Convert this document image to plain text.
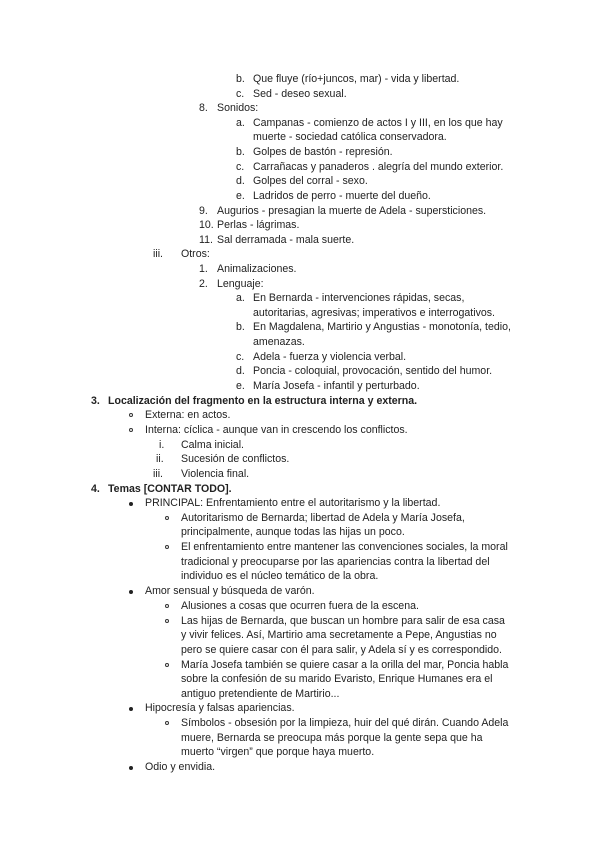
b. Que fluye (río+juncos, mar) - vida y libertad.
c. Sed - deseo sexual.
8. Sonidos:
a. Campanas - comienzo de actos I y III, en los que hay
muerte - sociedad católica conservadora.
b. Golpes de bastón - represión.
c. Carrañacas y panaderos . alegría del mundo exterior.
d. Golpes del corral - sexo.
e. Ladridos de perro - muerte del dueño.
9. Augurios - presagian la muerte de Adela - supersticiones.
10. Perlas - lágrimas.
11. Sal derramada - mala suerte.
iii. Otros:
1. Animalizaciones.
2. Lenguaje:
a. En Bernarda - intervenciones rápidas, secas,
autoritarias, agresivas; imperativos e interrogativos.
b. En Magdalena, Martirio y Angustias - monotonía, tedio,
amenazas.
c. Adela - fuerza y violencia verbal.
d. Poncia - coloquial, provocación, sentido del humor.
e. María Josefa - infantil y perturbado.
3. Localización del fragmento en la estructura interna y externa.
Externa: en actos.
Interna: cíclica - aunque van in crescendo los conflictos.
i. Calma inicial.
ii. Sucesión de conflictos.
iii. Violencia final.
4. Temas [CONTAR TODO].
PRINCIPAL: Enfrentamiento entre el autoritarismo y la libertad.
Autoritarismo de Bernarda; libertad de Adela y María Josefa,
principalmente, aunque todas las hijas un poco.
El enfrentamiento entre mantener las convenciones sociales, la moral
tradicional y preocuparse por las apariencias contra la libertad del
individuo es el núcleo temático de la obra.
Amor sensual y búsqueda de varón.
Alusiones a cosas que ocurren fuera de la escena.
Las hijas de Bernarda, que buscan un hombre para salir de esa casa
y vivir felices. Así, Martirio ama secretamente a Pepe, Angustias no
pero se quiere casar con él para salir, y Adela sí y es correspondido.
María Josefa también se quiere casar a la orilla del mar, Poncia habla
sobre la confesión de su marido Evaristo, Enrique Humanes era el
antiguo pretendiente de Martirio...
Hipocresía y falsas apariencias.
Símbolos - obsesión por la limpieza, huir del qué dirán. Cuando Adela
muere, Bernarda se preocupa más porque la gente sepa que ha
muerto “virgen” que porque haya muerto.
Odio y envidia.
